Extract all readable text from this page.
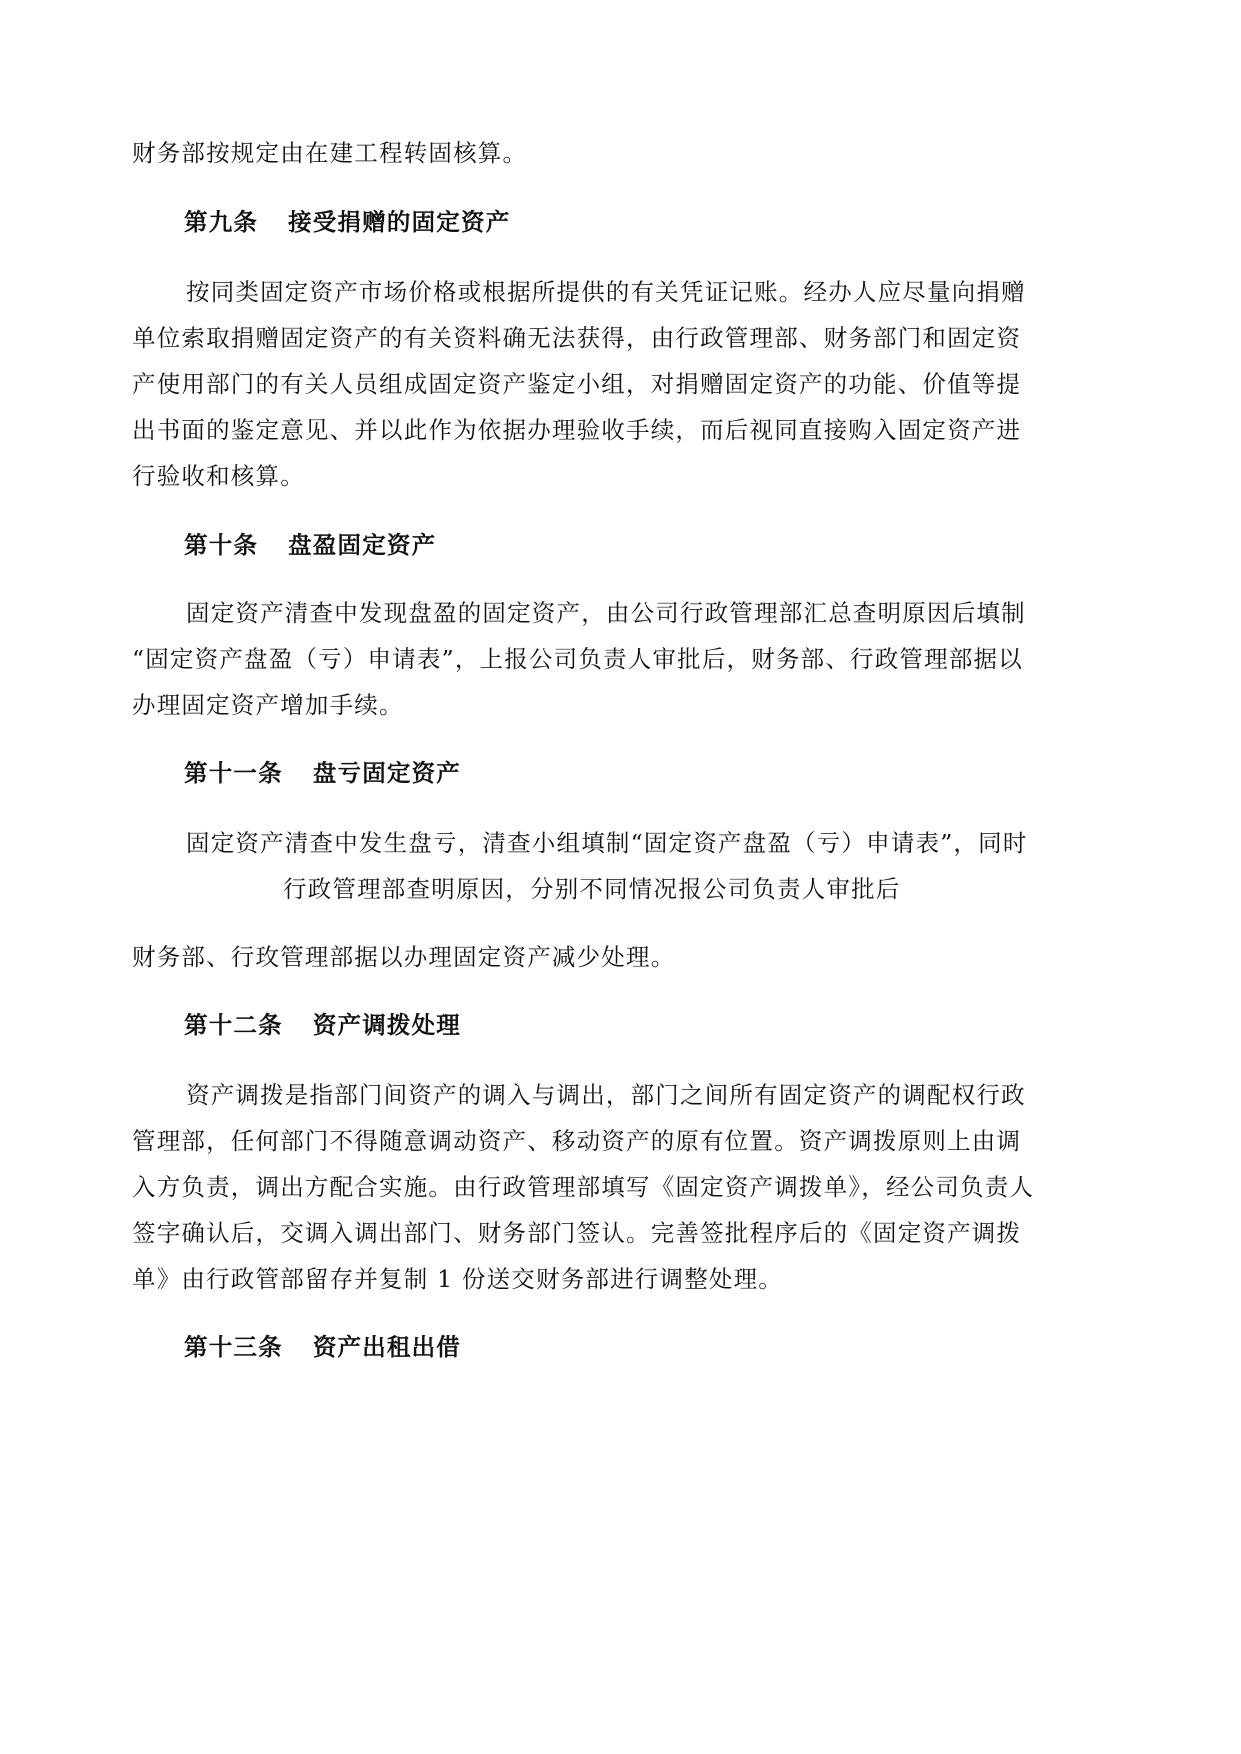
财务部按规定由在建工程转固核算。
第九条 接受捐赠的固定资产
按同类固定资产市场价格或根据所提供的有关凭证记账。经办人应尽量向捐赠
单位索取捐赠固定资产的有关资料确无法获得，由行政管理部、财务部门和固定资
产使用部门的有关人员组成固定资产鉴定小组，对捐赠固定资产的功能、价值等提
出书面的鉴定意见、并以此作为依据办理验收手续，而后视同直接购入固定资产进
行验收和核算。
第十条 盘盈固定资产
固定资产清查中发现盘盈的固定资产，由公司行政管理部汇总查明原因后填制
“固定资产盘盈（亏）申请表”，上报公司负责人审批后，财务部、行政管理部据以
办理固定资产增加手续。
第十一条 盘亏固定资产
固定资产清查中发生盘亏，清查小组填制“固定资产盘盈（亏）申请表”，同时
行政管理部查明原因，分别不同情况报公司负责人审批后
财务部、行玫管理部据以办理固定资产减少处理。
第十二条 资产调拨处理
资产调拨是指部门间资产的调入与调出，部门之间所有固定资产的调配权行政
管理部，任何部门不得随意调动资产、移动资产的原有位置。资产调拨原则上由调
入方负责，调出方配合实施。由行政管理部填写《固定资产调拨单》，经公司负责人
签字确认后，交调入调出部门、财务部门签认。完善签批程序后的《固定资产调拨
单》由行政管部留存并复制 1 份送交财务部进行调整处理。
第十三条 资产出租出借
